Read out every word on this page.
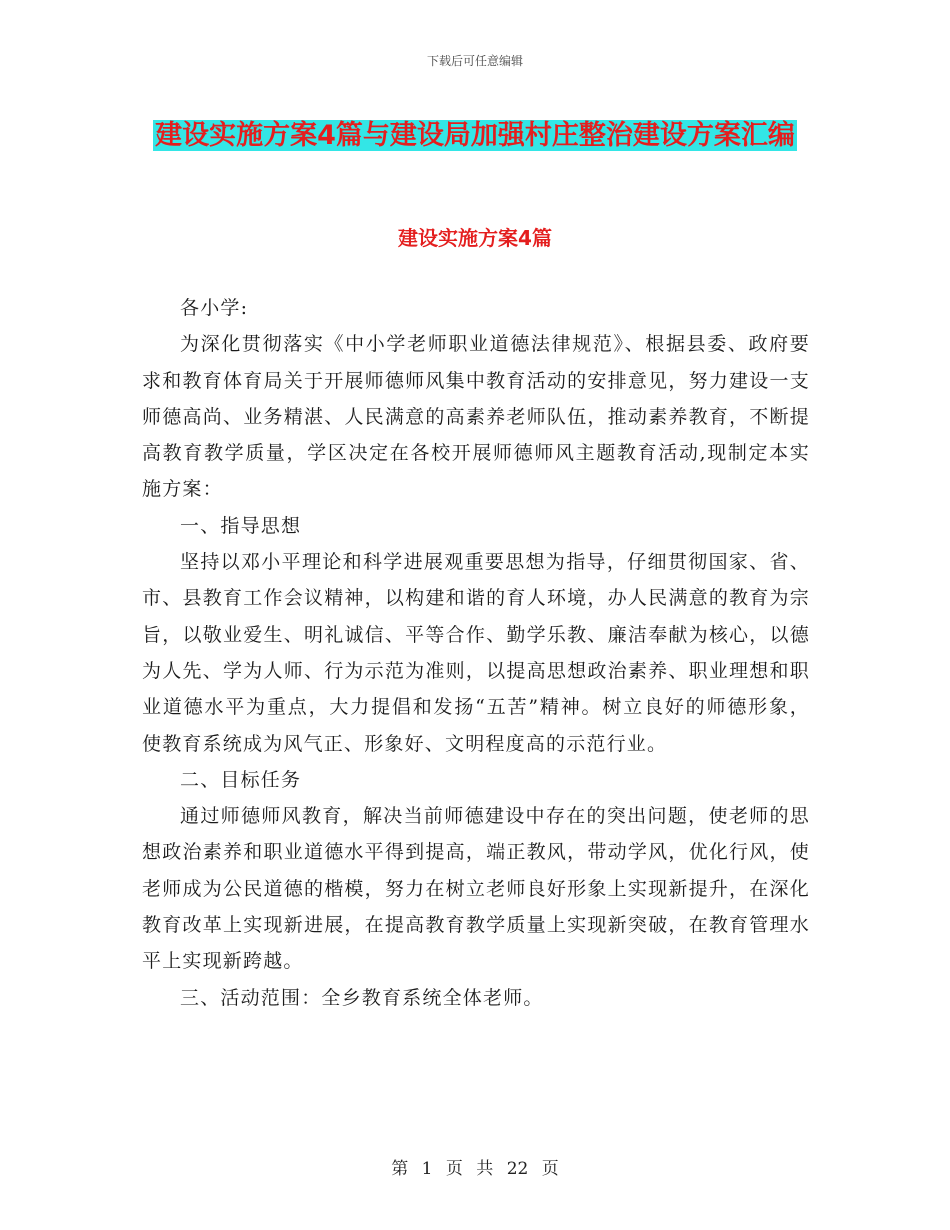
下载后可任意编辑
建设实施方案4篇与建设局加强村庄整治建设方案汇编
建设实施方案4篇

各小学:

为深化贯彻落实《中小学老师职业道德法律规范》、根据县委、政府要求和教育体育局关于开展师德师风集中教育活动的安排意见，努力建设一支师德高尚、业务精湛、人民满意的高素养老师队伍，推动素养教育，不断提高教育教学质量，学区决定在各校开展师德师风主题教育活动,现制定本实施方案：

一、指导思想

坚持以邓小平理论和科学进展观重要思想为指导，仔细贯彻国家、省、市、县教育工作会议精神，以构建和谐的育人环境，办人民满意的教育为宗旨，以敬业爱生、明礼诚信、平等合作、勤学乐教、廉洁奉献为核心，以德为人先、学为人师、行为示范为准则，以提高思想政治素养、职业理想和职业道德水平为重点，大力提倡和发扬“五苦”精神。树立良好的师德形象，使教育系统成为风气正、形象好、文明程度高的示范行业。

二、目标任务

通过师德师风教育，解决当前师德建设中存在的突出问题，使老师的思想政治素养和职业道德水平得到提高，端正教风，带动学风，优化行风，使老师成为公民道德的楷模，努力在树立老师良好形象上实现新提升，在深化教育改革上实现新进展，在提高教育教学质量上实现新突破，在教育管理水平上实现新跨越。

三、活动范围：全乡教育系统全体老师。

第 1 页 共 22 页
